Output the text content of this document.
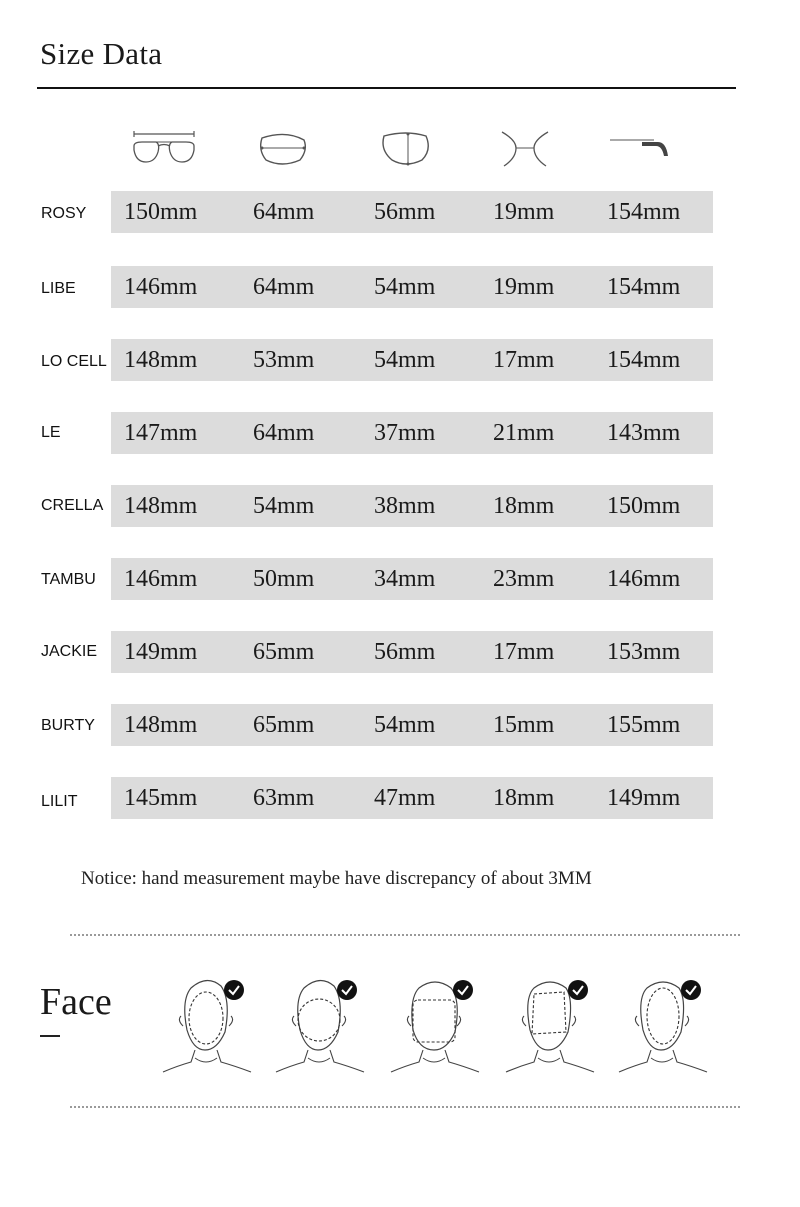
Size Data
ROSY 150mm 64mm 56mm 19mm 154mm
LIBE 146mm 64mm 54mm 19mm 154mm
LO CELL 148mm 53mm 54mm 17mm 154mm
LE	147mm 64mm 37mm 21mm 143mm
CRELLA 148mm 54mm 38mm 18mm 150mm
TAMBU 146mm 50mm 34mm 23mm 146mm
JACKIE 149mm 65mm 56mm 17mm 153mm
BURTY 148mm 65mm 54mm 15mm 155mm
LILIT 145mm 63mm 47mm 18mm 149mm
Notice: hand measurement maybe have discrepancy of about 3MM
Face
